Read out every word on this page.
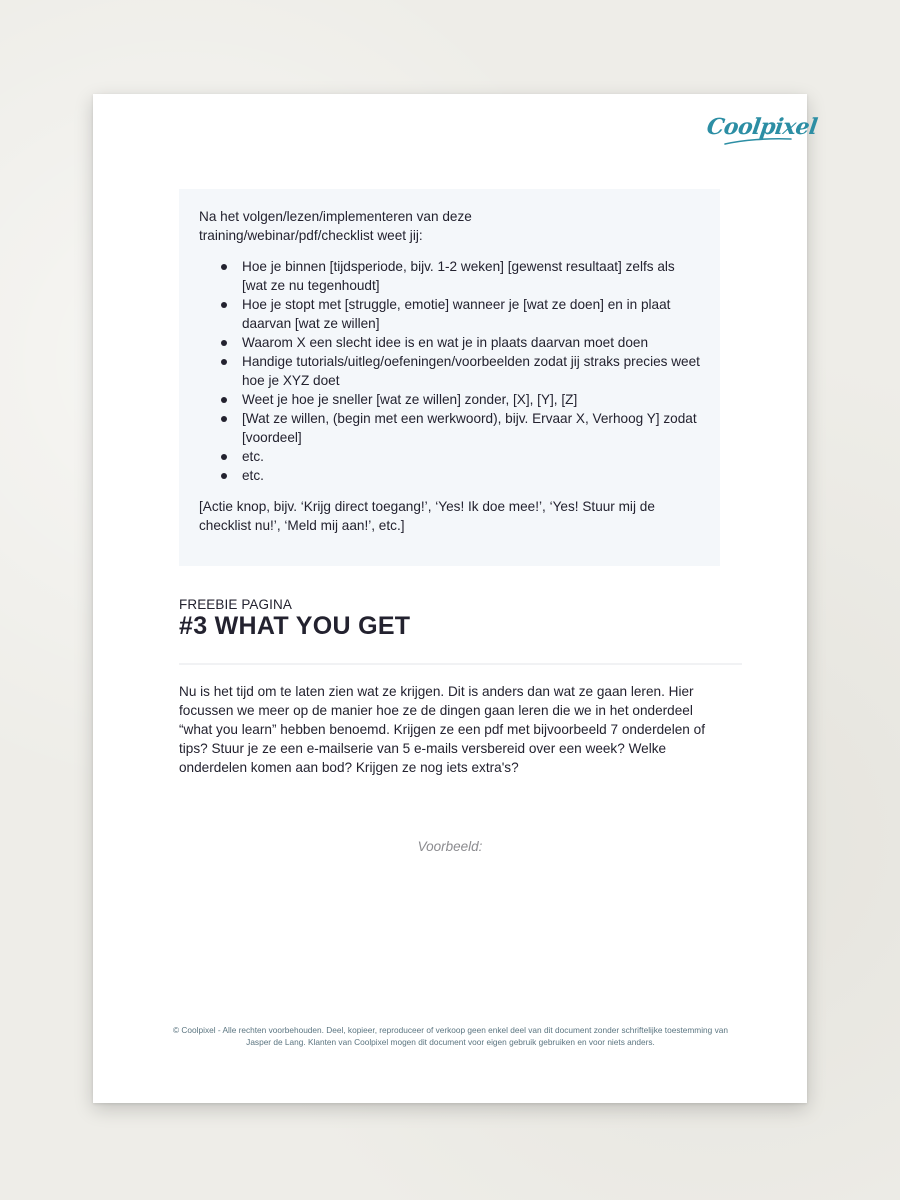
Coolpixel

Na het volgen/lezen/implementeren van deze
training/webinar/pdf/checklist weet jij:

Hoe je binnen [tijdsperiode, bijv. 1-2 weken] [gewenst resultaat] zelfs als [wat ze nu tegenhoudt]
Hoe je stopt met [struggle, emotie] wanneer je [wat ze doen] en in plaat daarvan [wat ze willen]
Waarom X een slecht idee is en wat je in plaats daarvan moet doen
Handige tutorials/uitleg/oefeningen/voorbeelden zodat jij straks precies weet hoe je XYZ doet
Weet je hoe je sneller [wat ze willen] zonder, [X], [Y], [Z]
[Wat ze willen, (begin met een werkwoord), bijv. Ervaar X, Verhoog Y] zodat [voordeel]
etc.
etc.

[Actie knop, bijv. ‘Krijg direct toegang!’, ‘Yes! Ik doe mee!’, ‘Yes! Stuur mij de checklist nu!’, ‘Meld mij aan!’, etc.]

FREEBIE PAGINA
#3 WHAT YOU GET
Nu is het tijd om te laten zien wat ze krijgen. Dit is anders dan wat ze gaan leren. Hier focussen we meer op de manier hoe ze de dingen gaan leren die we in het onderdeel “what you learn” hebben benoemd. Krijgen ze een pdf met bijvoorbeeld 7 onderdelen of tips? Stuur je ze een e-mailserie van 5 e-mails versbereid over een week? Welke onderdelen komen aan bod? Krijgen ze nog iets extra's?
Voorbeeld:
© Coolpixel - Alle rechten voorbehouden. Deel, kopieer, reproduceer of verkoop geen enkel deel van dit document zonder schriftelijke toestemming van Jasper de Lang. Klanten van Coolpixel mogen dit document voor eigen gebruik gebruiken en voor niets anders.
